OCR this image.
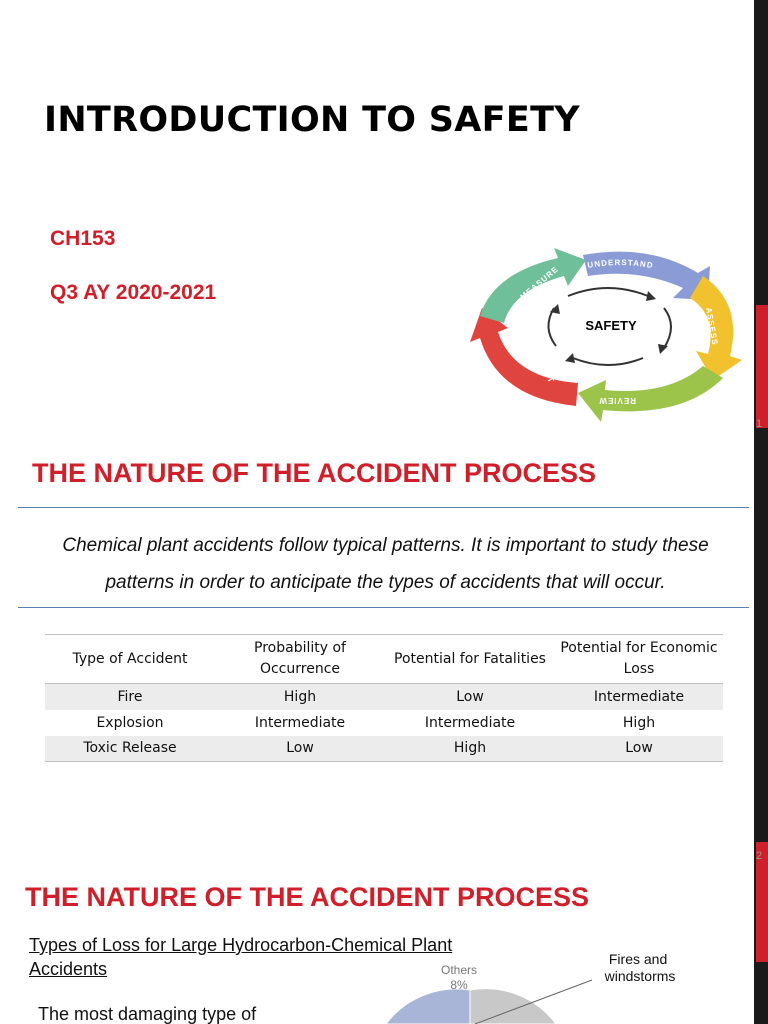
1
2
INTRODUCTION TO SAFETY
CH153
Q3 AY 2020-2021
UNDERSTAND
ASSESS
REVIEW
IMPLEMENT
MEASURE
SAFETY
THE NATURE OF THE ACCIDENT PROCESS

Chemical plant accidents follow typical patterns. It is important to study these
patterns in order to anticipate the types of accidents that will occur.

Type of Accident	Probability of Occurrence	Potential for Fatalities	Potential for Economic Loss
Fire	High	Low	Intermediate
Explosion	Intermediate	Intermediate	High
Toxic Release	Low	High	Low
THE NATURE OF THE ACCIDENT PROCESS
Types of Loss for Large Hydrocarbon-Chemical Plant Accidents
The most damaging type of
Others
8%
Fires and windstorms
